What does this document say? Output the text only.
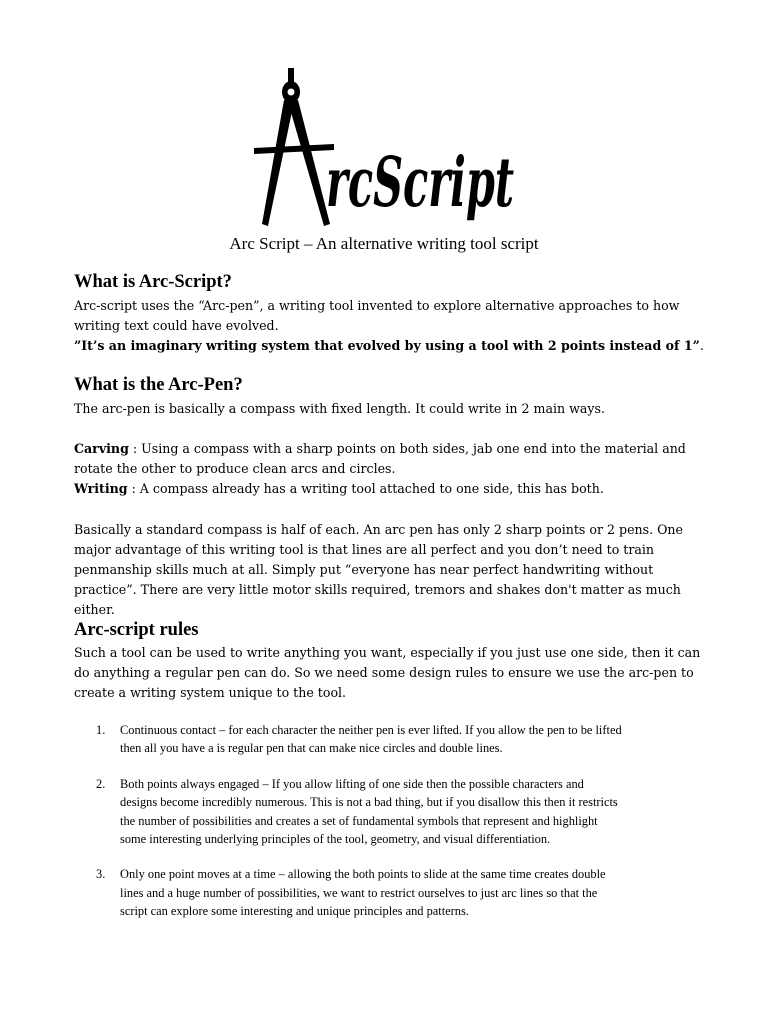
rcScript
Arc Script – An alternative writing tool script
What is Arc-Script?

Arc-script uses the “Arc-pen”, a writing tool invented to explore alternative approaches to how
writing text could have evolved.
”It’s an imaginary writing system that evolved by using a tool with 2 points instead of 1”.

What is the Arc-Pen?

The arc-pen is basically a compass with fixed length. It could write in 2 main ways.

Carving : Using a compass with a sharp points on both sides, jab one end into the material and
rotate the other to produce clean arcs and circles.
Writing : A compass already has a writing tool attached to one side, this has both.

Basically a standard compass is half of each. An arc pen has only 2 sharp points or 2 pens. One
major advantage of this writing tool is that lines are all perfect and you don’t need to train
penmanship skills much at all. Simply put “everyone has near perfect handwriting without
practice”. There are very little motor skills required, tremors and shakes don't matter as much either.

Arc-script rules

Such a tool can be used to write anything you want, especially if you just use one side, then it can
do anything a regular pen can do. So we need some design rules to ensure we use the arc-pen to
create a writing system unique to the tool.

1. Continuous contact – for each character the neither pen is ever lifted. If you allow the pen to be lifted
then all you have a is regular pen that can make nice circles and double lines.
2. Both points always engaged – If you allow lifting of one side then the possible characters and
designs become incredibly numerous. This is not a bad thing, but if you disallow this then it restricts
the number of possibilities and creates a set of fundamental symbols that represent and highlight
some interesting underlying principles of the tool, geometry, and visual differentiation.
3. Only one point moves at a time – allowing the both points to slide at the same time creates double
lines and a huge number of possibilities, we want to restrict ourselves to just arc lines so that the
script can explore some interesting and unique principles and patterns.
